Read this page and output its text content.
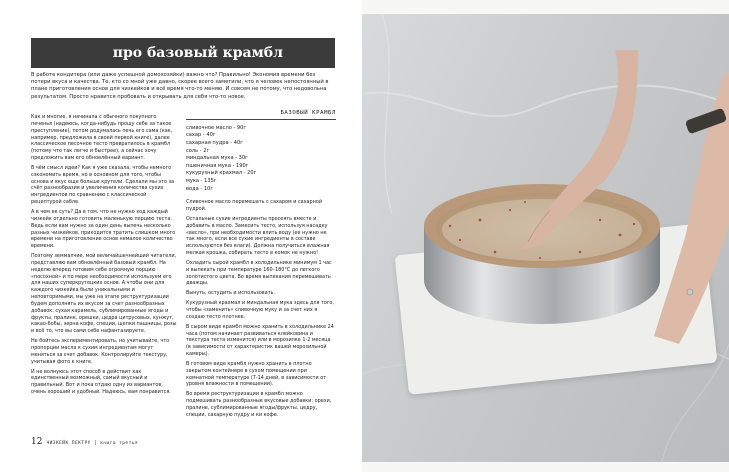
про базовый крамбл

В работе кондитера (или даже успешной домохозяйки) важно что? Правильно! Экономия времени без потери вкуса и качества. Те, кто со мной уже давно, скорее всего заметили, что я человек непостоянный в плане приготовления основ для чизкейков и всё время что-то меняю. И совсем не потому, что недовольна результатом. Просто нравится пробовать и открывать для себя что-то новое.

Как и многие, я начинала с обычного покупного печенья (надеюсь, когда-нибудь прощу себе за такое преступление), потом додумалась печь его сама (как, например, предложила в своей первой книге), далее классическое песочное тесто превратилось в крамбл (потому что так легче и быстрее), а сейчас хочу предложить вам его обновлённый вариант.

В чём смысл идеи? Как я уже сказала, чтобы немного сэкономить время, но в основном для того, чтобы основа и вкус еще больше крутели. Сделали мы это за счёт разнообразия и увеличения количества сухих ингредиентов по сравнению с классической рецептурой сабле.

А в чем ее суть? Да в том, что не нужно ход каждый чизкейк отдельно готовить маленькую порцию теста. Ведь если вам нужно за один день выпечь несколько разных чизкейков, приходится тратить слишком много времени на приготовление основ немалое количество времени.

Поэтому земмалчие, мой величайшечнейший читатели, представляю вам обновлённый базовый крамбл. На неделю вперед готовим себе огромную порцию «посохной» и по мере необходимости используем его для наших суперкрутецких основ. А чтобы они для каждого чизкейка были уникальными и неповторимыми, мы уже на этапе реструктуризации будем дополнять их вкусом за счет разнообразных добавок: сухая карамель, сублимированные ягоды и фрукты, пралине, орешки, цедра цитрусовых, кунжут, какао-бобы, зерна кофе, специи, щепки пашницы, розы и всё то, что вы сами себе нафантазируете.

Не бойтесь экспериментировать, но учитывайте, что пропорции масла к сухим ингредиентам могут меняться за счет добавок. Контролируйте текстуру, учитывая фото к книге.

И не волнуюсь этот способ в действит как единственный возможный, самый вкусный и правильный. Вот и пока отдаю одну из вариантов, очень хороший и удобный. Надеюсь, вам понравится.

БАЗОВЫЙ КРАМБЛ
сливочное масло - 90г
сахар - 40г
сахарная пудра - 40г
соль - 2г
миндальная мука - 30г
пшеничная мука - 190г
кукурузный крахмал - 20г
мука - 135г
вода - 10г

Сливочное масло перемешать с сахаром и сахарной пудрой.

Остальные сухие ингредиенты просеять вместе и добавить в масло. Замесить тесто, используя насадку «весло», при необходимости влить воду (ее нужно не так много, если все сухие ингредиенты в составе используются без влаги). Должна получиться влажная мелкая крошка, собирать тесто в комок не нужно!

Охладить сырой крамбл в холодильнике минимум 1 час и выпекать при температуре 160–180°С до легкого золотистого цвета. Во время выпекания перемешивать дважды.

Вынуть, остудить и использовать.

Кукурузный крахмал и миндальная мука здесь для того, чтобы «заменить» сливочную муку и за счет них я создаю тесто плотнее.

В сыром виде крамбл можно хранить в холодильнике 24 часа (потом начинает развиваться клейковина и текстура теста изменится) или в морозилке 1-2 месяца (в зависимости от характеристик вашей морозильной камеры).

В готовом виде крамбл нужно хранить в плотно закрытом контейнере в сухом помещении при комнатной температуре (7-14 дней, в зависимости от уровня влажности в помещении).

Во время реструктуризации в крамбл можно подмешивать разнообразные вкусовые добавки: орехи, пралине, сублимированные ягоды/фрукты, цедру, специи, сахарную пудру и ки кофе.

12 ЧИЗКЕЙК ПЕКТРУ | книга третья
